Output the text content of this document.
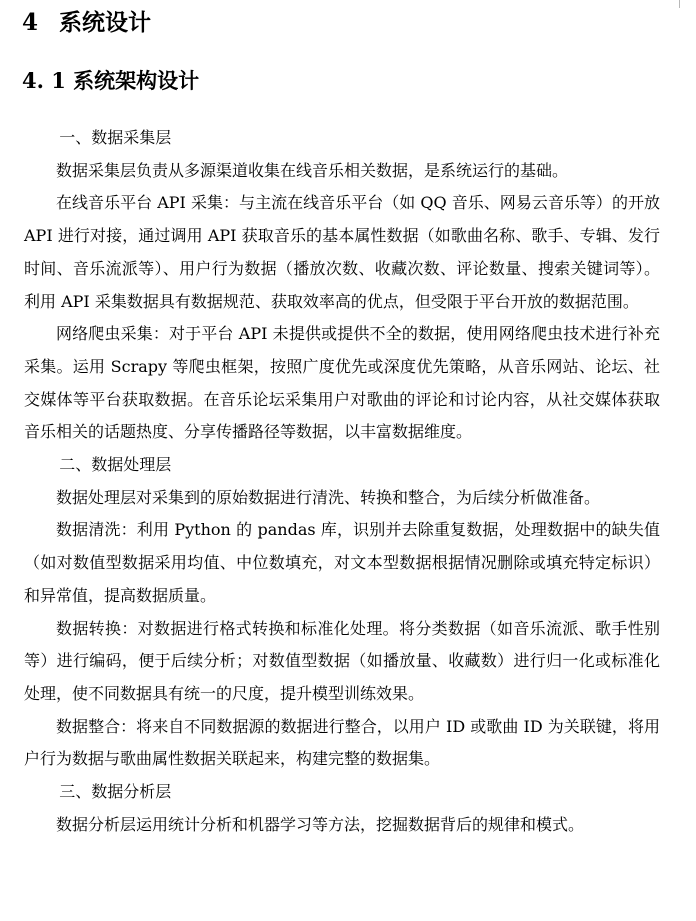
4 系统设计
4. 1 系统架构设计

一、数据采集层

数据采集层负责从多源渠道收集在线音乐相关数据，是系统运行的基础。

在线音乐平台 API 采集：与主流在线音乐平台（如 QQ 音乐、网易云音乐等）的开放 API 进行对接，通过调用 API 获取音乐的基本属性数据（如歌曲名称、歌手、专辑、发行时间、音乐流派等）、用户行为数据（播放次数、收藏次数、评论数量、搜索关键词等）。利用 API 采集数据具有数据规范、获取效率高的优点，但受限于平台开放的数据范围。

网络爬虫采集：对于平台 API 未提供或提供不全的数据，使用网络爬虫技术进行补充采集。运用 Scrapy 等爬虫框架，按照广度优先或深度优先策略，从音乐网站、论坛、社交媒体等平台获取数据。在音乐论坛采集用户对歌曲的评论和讨论内容，从社交媒体获取音乐相关的话题热度、分享传播路径等数据，以丰富数据维度。

二、数据处理层

数据处理层对采集到的原始数据进行清洗、转换和整合，为后续分析做准备。

数据清洗：利用 Python 的 pandas 库，识别并去除重复数据，处理数据中的缺失值（如对数值型数据采用均值、中位数填充，对文本型数据根据情况删除或填充特定标识）和异常值，提高数据质量。

数据转换：对数据进行格式转换和标准化处理。将分类数据（如音乐流派、歌手性别等）进行编码，便于后续分析；对数值型数据（如播放量、收藏数）进行归一化或标准化处理，使不同数据具有统一的尺度，提升模型训练效果。

数据整合：将来自不同数据源的数据进行整合，以用户 ID 或歌曲 ID 为关联键，将用户行为数据与歌曲属性数据关联起来，构建完整的数据集。

三、数据分析层

数据分析层运用统计分析和机器学习等方法，挖掘数据背后的规律和模式。
